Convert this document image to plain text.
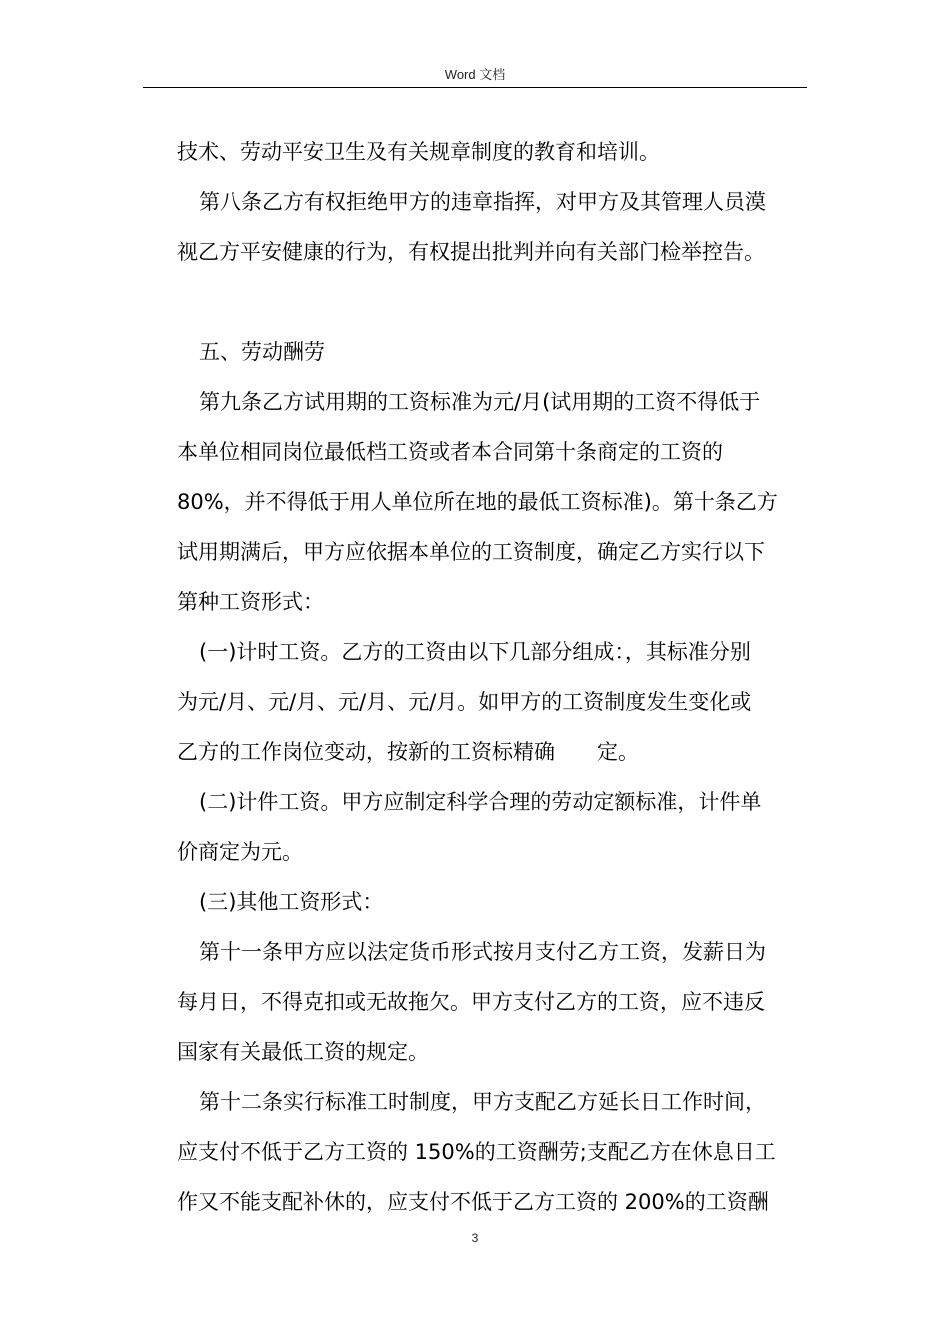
Word 文档
技术、劳动平安卫生及有关规章制度的教育和培训。
第八条乙方有权拒绝甲方的违章指挥，对甲方及其管理人员漠
视乙方平安健康的行为，有权提出批判并向有关部门检举控告。
五、劳动酬劳
第九条乙方试用期的工资标准为元/月(试用期的工资不得低于
本单位相同岗位最低档工资或者本合同第十条商定的工资的
80%，并不得低于用人单位所在地的最低工资标准)。第十条乙方
试用期满后，甲方应依据本单位的工资制度，确定乙方实行以下
第种工资形式：
(一)计时工资。乙方的工资由以下几部分组成：，其标准分别
为元/月、元/月、元/月、元/月。如甲方的工资制度发生变化或
乙方的工作岗位变动，按新的工资标精确　　定。
(二)计件工资。甲方应制定科学合理的劳动定额标准，计件单
价商定为元。
(三)其他工资形式：
第十一条甲方应以法定货币形式按月支付乙方工资，发薪日为
每月日，不得克扣或无故拖欠。甲方支付乙方的工资，应不违反
国家有关最低工资的规定。
第十二条实行标准工时制度，甲方支配乙方延长日工作时间，
应支付不低于乙方工资的 150%的工资酬劳;支配乙方在休息日工
作又不能支配补休的，应支付不低于乙方工资的 200%的工资酬
3
